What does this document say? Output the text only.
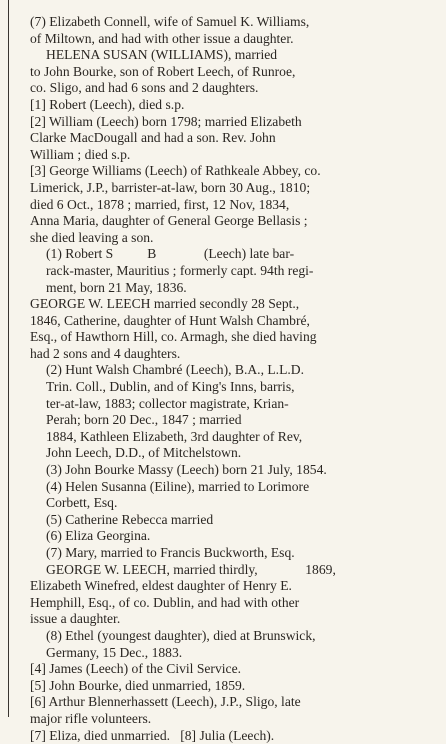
(7) Elizabeth Connell, wife of Samuel K. Williams,

of Miltown, and had with other issue a daughter.

HELENA SUSAN (WILLIAMS), married

to John Bourke, son of Robert Leech, of Runroe,

co. Sligo, and had 6 sons and 2 daughters.

[1] Robert (Leech), died s.p.

[2] William (Leech) born 1798; married Elizabeth

Clarke MacDougall and had a son. Rev. John

William ; died s.p.

[3] George Williams (Leech) of Rathkeale Abbey, co.

Limerick, J.P., barrister-at-law, born 30 Aug., 1810;

died 6 Oct., 1878 ; married, first, 12 Nov, 1834,

Anna Maria, daughter of General George Bellasis ;

she died leaving a son.

(1) Robert S          B              (Leech) late bar-

rack-master, Mauritius ; formerly capt. 94th regi-

ment, born 21 May, 1836.

GEORGE W. LEECH married secondly 28 Sept.,

1846, Catherine, daughter of Hunt Walsh Chambré,

Esq., of Hawthorn Hill, co. Armagh, she died having

had 2 sons and 4 daughters.

(2) Hunt Walsh Chambré (Leech), B.A., L.L.D.

Trin. Coll., Dublin, and of King's Inns, barris,

ter-at-law, 1883; collector magistrate, Krian-

Perah; born 20 Dec., 1847 ; married

1884, Kathleen Elizabeth, 3rd daughter of Rev,

John Leech, D.D., of Mitchelstown.

(3) John Bourke Massy (Leech) born 21 July, 1854.

(4) Helen Susanna (Eiline), married to Lorimore

Corbett, Esq.

(5) Catherine Rebecca married

(6) Eliza Georgina.

(7) Mary, married to Francis Buckworth, Esq.

GEORGE W. LEECH, married thirdly,              1869,

Elizabeth Winefred, eldest daughter of Henry E.

Hemphill, Esq., of co. Dublin, and had with other

issue a daughter.

(8) Ethel (youngest daughter), died at Brunswick,

Germany, 15 Dec., 1883.

[4] James (Leech) of the Civil Service.

[5] John Bourke, died unmarried, 1859.

[6] Arthur Blennerhassett (Leech), J.P., Sligo, late

major rifle volunteers.

[7] Eliza, died unmarried.   [8] Julia (Leech).
